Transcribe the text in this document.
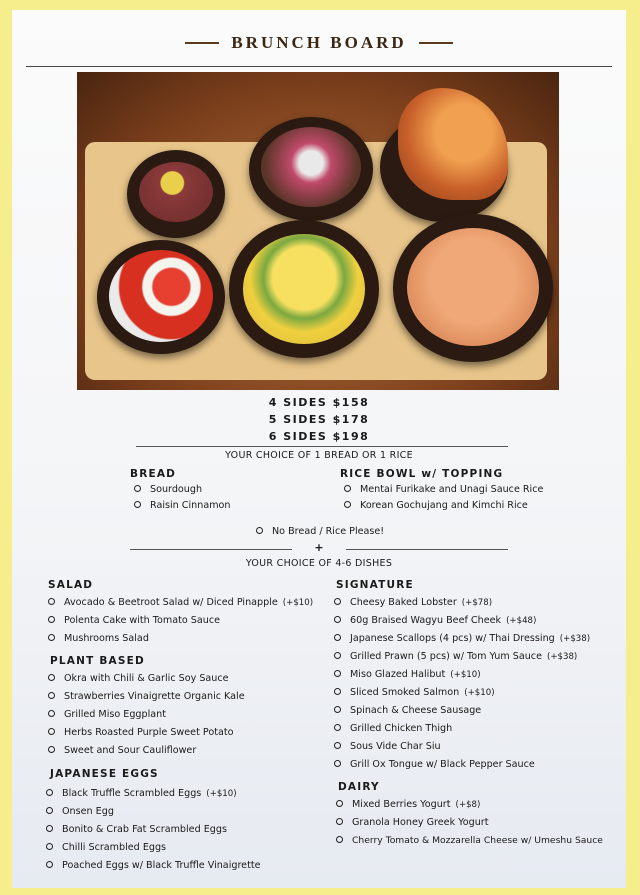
BRUNCH BOARD
4 SIDES $158
5 SIDES $178
6 SIDES $198
YOUR CHOICE OF 1 BREAD OR 1 RICE
BREAD
Sourdough
Raisin Cinnamon
RICE BOWL w/ TOPPING
Mentai Furikake and Unagi Sauce Rice
Korean Gochujang and Kimchi Rice
No Bread / Rice Please!
+
YOUR CHOICE OF 4-6 DISHES
SALAD
Avocado & Beetroot Salad w/ Diced Pinapple (+$10)
Polenta Cake with Tomato Sauce
Mushrooms Salad
PLANT BASED
Okra with Chili & Garlic Soy Sauce
Strawberries Vinaigrette Organic Kale
Grilled Miso Eggplant
Herbs Roasted Purple Sweet Potato
Sweet and Sour Cauliflower
JAPANESE EGGS
Black Truffle Scrambled Eggs (+$10)
Onsen Egg
Bonito & Crab Fat Scrambled Eggs
Chilli Scrambled Eggs
Poached Eggs w/ Black Truffle Vinaigrette
SIGNATURE
Cheesy Baked Lobster (+$78)
60g Braised Wagyu Beef Cheek (+$48)
Japanese Scallops (4 pcs) w/ Thai Dressing (+$38)
Grilled Prawn (5 pcs) w/ Tom Yum Sauce (+$38)
Miso Glazed Halibut (+$10)
Sliced Smoked Salmon (+$10)
Spinach & Cheese Sausage
Grilled Chicken Thigh
Sous Vide Char Siu
Grill Ox Tongue w/ Black Pepper Sauce
DAIRY
Mixed Berries Yogurt (+$8)
Granola Honey Greek Yogurt
Cherry Tomato & Mozzarella Cheese w/ Umeshu Sauce
